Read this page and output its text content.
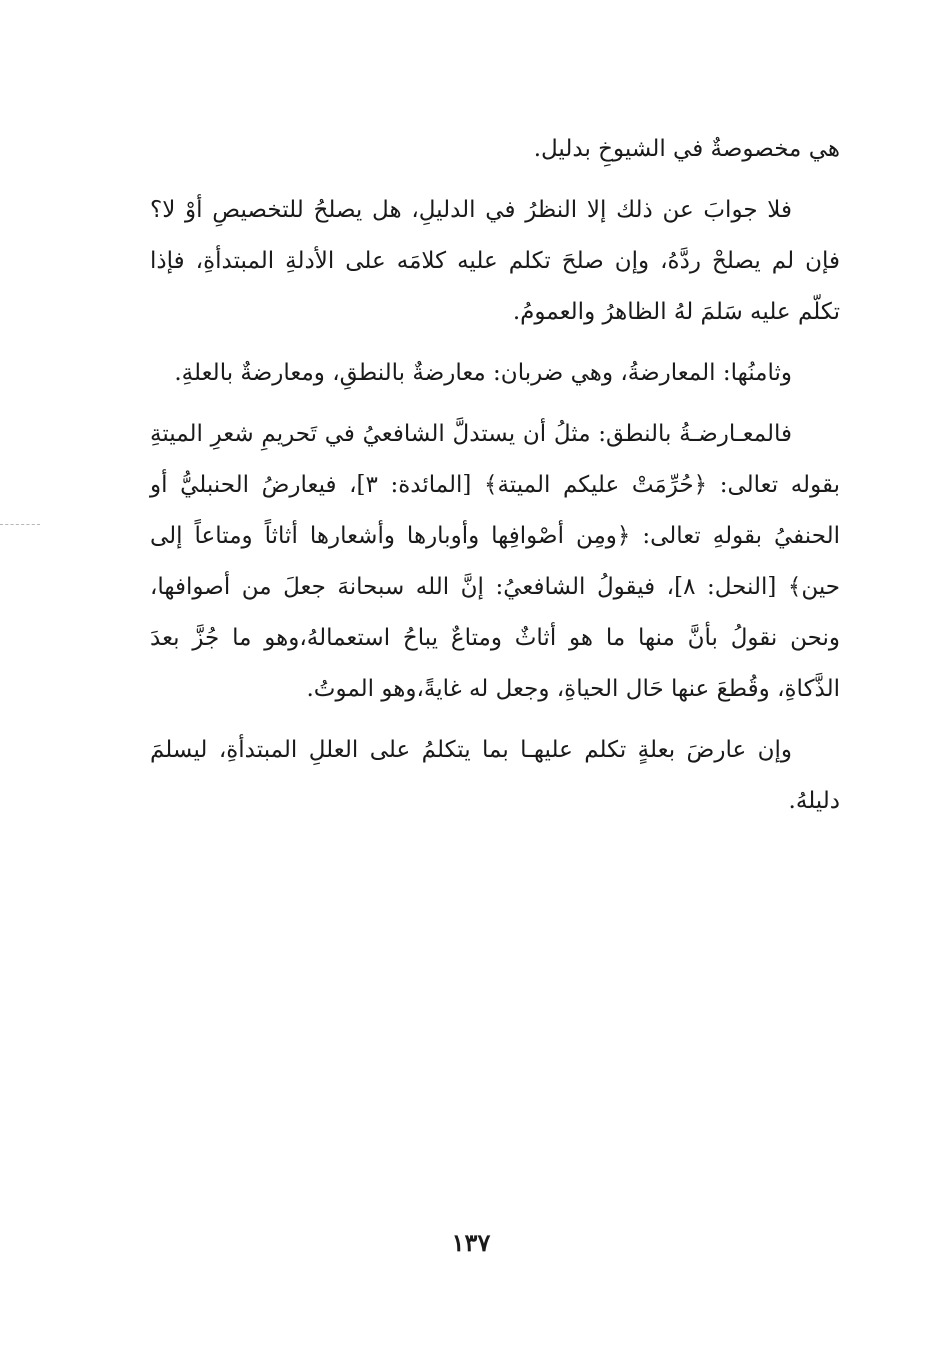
هي مخصوصةٌ في الشيوخِ بدليل.

فلا جوابَ عن ذلك إلا النظرُ في الدليلِ، هل يصلحُ للتخصيصِ أوْ لا؟ فإن لم يصلحْ ردَّهُ، وإن صلحَ تكلم عليه كلامَه على الأدلةِ المبتدأةِ، فإذا تكلّم عليه سَلمَ لهُ الظاهرُ والعمومُ.

وثامنُها: المعارضةُ، وهي ضربان: معارضةٌ بالنطقِ، ومعارضةٌ بالعلةِ.

فالمعـارضـةُ بالنطق: مثلُ أن يستدلَّ الشافعيُ في تَحريمِ شعرِ الميتةِ بقوله تعالى: ﴿حُرِّمَتْ عليكم الميتة﴾ [المائدة: ٣]، فيعارضُ الحنبليُّ أو الحنفيُ بقولهِ تعالى: ﴿ومِن أصْوافِها وأوبارها وأشعارها أثاثاً ومتاعاً إلى حين﴾ [النحل: ٨]، فيقولُ الشافعيُ: إنَّ الله سبحانهَ جعلَ من أصوافها، ونحن نقولُ بأنَّ منها ما هو أثاثٌ ومتاعٌ يباحُ استعمالهُ،وهو ما جُزَّ بعدَ الذَّكاةِ، وقُطعَ عنها حَال الحياةِ، وجعل له غايةً،وهو الموتُ.

وإن عارضَ بعلةٍ تكلم عليهـا بما يتكلمُ على العللِ المبتدأةِ، ليسلمَ دليلهُ.

١٣٧
